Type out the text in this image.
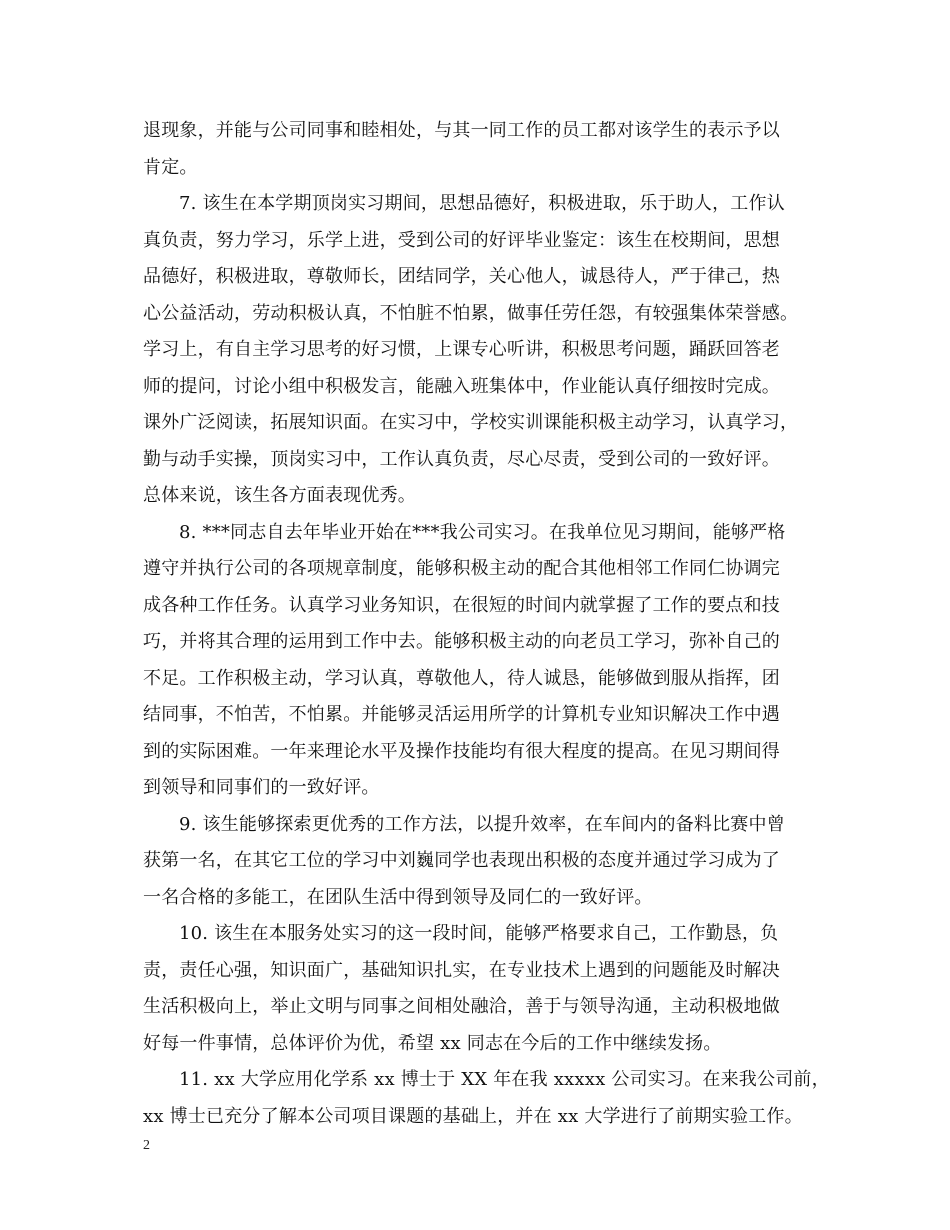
退现象，并能与公司同事和睦相处，与其一同工作的员工都对该学生的表示予以
肯定。
7. 该生在本学期顶岗实习期间，思想品德好，积极进取，乐于助人，工作认
真负责，努力学习，乐学上进，受到公司的好评毕业鉴定：该生在校期间，思想
品德好，积极进取，尊敬师长，团结同学，关心他人，诚恳待人，严于律己，热
心公益活动，劳动积极认真，不怕脏不怕累，做事任劳任怨，有较强集体荣誉感。
学习上，有自主学习思考的好习惯，上课专心听讲，积极思考问题，踊跃回答老
师的提问，讨论小组中积极发言，能融入班集体中，作业能认真仔细按时完成。
课外广泛阅读，拓展知识面。在实习中，学校实训课能积极主动学习，认真学习，
勤与动手实操，顶岗实习中，工作认真负责，尽心尽责，受到公司的一致好评。
总体来说，该生各方面表现优秀。
8. ***同志自去年毕业开始在***我公司实习。在我单位见习期间，能够严格
遵守并执行公司的各项规章制度，能够积极主动的配合其他相邻工作同仁协调完
成各种工作任务。认真学习业务知识，在很短的时间内就掌握了工作的要点和技
巧，并将其合理的运用到工作中去。能够积极主动的向老员工学习，弥补自己的
不足。工作积极主动，学习认真，尊敬他人，待人诚恳，能够做到服从指挥，团
结同事，不怕苦，不怕累。并能够灵活运用所学的计算机专业知识解决工作中遇
到的实际困难。一年来理论水平及操作技能均有很大程度的提高。在见习期间得
到领导和同事们的一致好评。
9. 该生能够探索更优秀的工作方法，以提升效率，在车间内的备料比赛中曾
获第一名，在其它工位的学习中刘巍同学也表现出积极的态度并通过学习成为了
一名合格的多能工，在团队生活中得到领导及同仁的一致好评。
10. 该生在本服务处实习的这一段时间，能够严格要求自己，工作勤恳，负
责，责任心强，知识面广，基础知识扎实，在专业技术上遇到的问题能及时解决
生活积极向上，举止文明与同事之间相处融洽，善于与领导沟通，主动积极地做
好每一件事情，总体评价为优，希望 xx 同志在今后的工作中继续发扬。
11. xx 大学应用化学系 xx 博士于 XX 年在我 xxxxx 公司实习。在来我公司前，
xx 博士已充分了解本公司项目课题的基础上，并在 xx 大学进行了前期实验工作。
2
